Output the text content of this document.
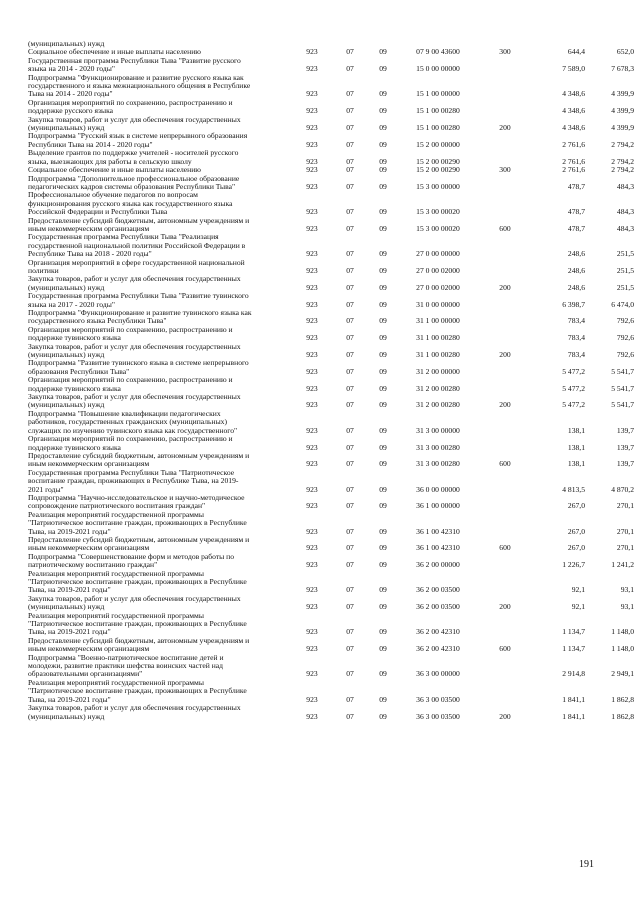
(муниципальных) нужд
Социальное обеспечение и иные выплаты населению	923	07	09	07 9 00 43600	300	644,4	652,0
Государственная программа Республики Тыва "Развитие русского
языка на 2014 - 2020 годы"	923	07	09	15 0 00 00000	7 589,0	7 678,3
Подпрограмма "Функционирование и развитие русского языка как
государственного и языка межнационального общения в Республике
Тыва на 2014 - 2020 годы"	923	07	09	15 1 00 00000	4 348,6	4 399,9
Организация мероприятий по сохранению, распространению и
поддержке русского языка	923	07	09	15 1 00 00280	4 348,6	4 399,9
Закупка товаров, работ и услуг для обеспечения государственных
(муниципальных) нужд	923	07	09	15 1 00 00280	200	4 348,6	4 399,9
Подпрограмма "Русский язык в системе непрерывного образования
Республики Тыва на 2014 - 2020 годы"	923	07	09	15 2 00 00000	2 761,6	2 794,2
Выделение грантов по поддержке учителей - носителей русского
языка, выезжающих для работы в сельскую школу	923	07	09	15 2 00 00290	2 761,6	2 794,2
Социальное обеспечение и иные выплаты населению	923	07	09	15 2 00 00290	300	2 761,6	2 794,2
Подпрограмма "Дополнительное профессиональное образование
педагогических кадров системы образования Республики Тыва"	923	07	09	15 3 00 00000	478,7	484,3
Профессиональное обучение педагогов по вопросам
функционирования русского языка как государственного языка
Российской Федерации и Республики Тыва	923	07	09	15 3 00 00020	478,7	484,3
Предоставление субсидий бюджетным, автономным учреждениям и
иным некоммерческим организациям	923	07	09	15 3 00 00020	600	478,7	484,3
Государственная программа Республики Тыва "Реализация
государственной национальной политики Российской Федерации в
Республике Тыва на 2018 - 2020 годы"	923	07	09	27 0 00 00000	248,6	251,5
Организация мероприятий в сфере государственной национальной
политики	923	07	09	27 0 00 02000	248,6	251,5
Закупка товаров, работ и услуг для обеспечения государственных
(муниципальных) нужд	923	07	09	27 0 00 02000	200	248,6	251,5
Государственная программа Республики Тыва "Развитие тувинского
языка на 2017 - 2020 годы"	923	07	09	31 0 00 00000	6 398,7	6 474,0
Подпрограмма "Функционирование и развитие тувинского языка как
государственного языка Республики Тыва"	923	07	09	31 1 00 00000	783,4	792,6
Организация мероприятий по сохранению, распространению и
поддержке тувинского языка	923	07	09	31 1 00 00280	783,4	792,6
Закупка товаров, работ и услуг для обеспечения государственных
(муниципальных) нужд	923	07	09	31 1 00 00280	200	783,4	792,6
Подпрограмма "Развитие тувинского языка в системе непрерывного
образования Республики Тыва"	923	07	09	31 2 00 00000	5 477,2	5 541,7
Организация мероприятий по сохранению, распространению и
поддержке тувинского языка	923	07	09	31 2 00 00280	5 477,2	5 541,7
Закупка товаров, работ и услуг для обеспечения государственных
(муниципальных) нужд	923	07	09	31 2 00 00280	200	5 477,2	5 541,7
Подпрограмма "Повышение квалификации педагогических
работников, государственных гражданских (муниципальных)
служащих по изучению тувинского языка как государственного"	923	07	09	31 3 00 00000	138,1	139,7
Организация мероприятий по сохранению, распространению и
поддержке тувинского языка	923	07	09	31 3 00 00280	138,1	139,7
Предоставление субсидий бюджетным, автономным учреждениям и
иным некоммерческим организациям	923	07	09	31 3 00 00280	600	138,1	139,7
Государственная программа Республики Тыва "Патриотическое
воспитание граждан, проживающих в Республике Тыва, на 2019-
2021 годы"	923	07	09	36 0 00 00000	4 813,5	4 870,2
Подпрограмма "Научно-исследовательское и научно-методическое
сопровождение патриотического воспитания граждан"	923	07	09	36 1 00 00000	267,0	270,1
Реализация мероприятий государственной программы
"Патриотическое воспитание граждан, проживающих в Республике
Тыва, на 2019-2021 годы"	923	07	09	36 1 00 42310	267,0	270,1
Предоставление субсидий бюджетным, автономным учреждениям и
иным некоммерческим организациям	923	07	09	36 1 00 42310	600	267,0	270,1
Подпрограмма "Совершенствование форм и методов работы по
патриотическому воспитанию граждан"	923	07	09	36 2 00 00000	1 226,7	1 241,2
Реализация мероприятий государственной программы
"Патриотическое воспитание граждан, проживающих в Республике
Тыва, на 2019-2021 годы"	923	07	09	36 2 00 03500	92,1	93,1
Закупка товаров, работ и услуг для обеспечения государственных
(муниципальных) нужд	923	07	09	36 2 00 03500	200	92,1	93,1
Реализация мероприятий государственной программы
"Патриотическое воспитание граждан, проживающих в Республике
Тыва, на 2019-2021 годы"	923	07	09	36 2 00 42310	1 134,7	1 148,0
Предоставление субсидий бюджетным, автономным учреждениям и
иным некоммерческим организациям	923	07	09	36 2 00 42310	600	1 134,7	1 148,0
Подпрограмма "Военно-патриотическое воспитание детей и
молодежи, развитие практики шефства воинских частей над
образовательными организациями"	923	07	09	36 3 00 00000	2 914,8	2 949,1
Реализация мероприятий государственной программы
"Патриотическое воспитание граждан, проживающих в Республике
Тыва, на 2019-2021 годы"	923	07	09	36 3 00 03500	1 841,1	1 862,8
Закупка товаров, работ и услуг для обеспечения государственных
(муниципальных) нужд	923	07	09	36 3 00 03500	200	1 841,1	1 862,8
191
